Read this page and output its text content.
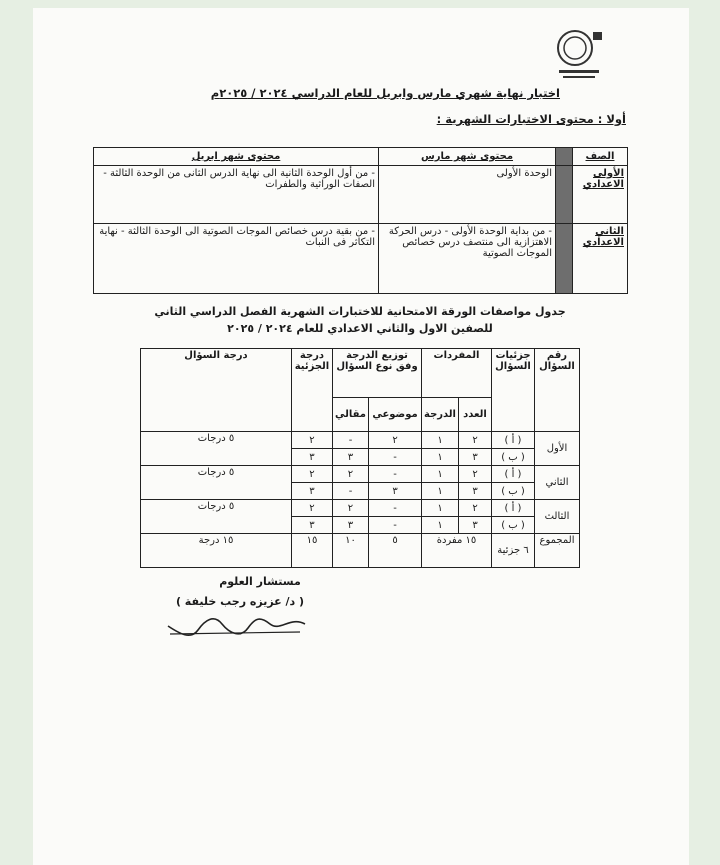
اختبار نهاية شهري مارس وابريل للعام الدراسي ٢٠٢٤ / ٢٠٢٥م
أولا : محتوى الاختبارات الشهرية :
الصف		محتوى شهر مارس	محتوى شهر ابريل
الأولى الاعدادي		الوحدة الأولى	- من أول الوحدة الثانية الى نهاية الدرس الثانى من الوحدة الثالثة - الصفات الوراثية والطفرات
الثاني الاعدادي		- من بداية الوحدة الأولى - درس الحركة الاهتزازية الى منتصف درس خصائص الموجات الصوتية	- من بقية درس خصائص الموجات الصوتية الى الوحدة الثالثة - نهاية التكاثر فى النبات
جدول مواصفات الورقة الامتحانية للاختبارات الشهرية الفصل الدراسي الثاني
للصفين الاول والثاني الاعدادي للعام ٢٠٢٤ / ٢٠٢٥
رقم السؤال	جزئيات السؤال	المفردات		توزيع الدرجة وفق نوع السؤال		درجة الجزئية	درجة السؤال
		العدد	الدرجة	موضوعي	مقالي		
الأول	( أ )	٢	١	٢	-	٢	٥ درجات
	( ب )	٣	١	-	٣	٣	
الثاني	( أ )	٢	١	-	٢	٢	٥ درجات
	( ب )	٣	١	٣	-	٣	
الثالث	( أ )	٢	١	-	٢	٢	٥ درجات
	( ب )	٣	١	-	٣	٣	
المجموع	٦ جزئية	١٥ مفردة		٥	١٠	١٥	١٥ درجة
مستشار العلوم
( د/ عزيزه رجب خليفة )
